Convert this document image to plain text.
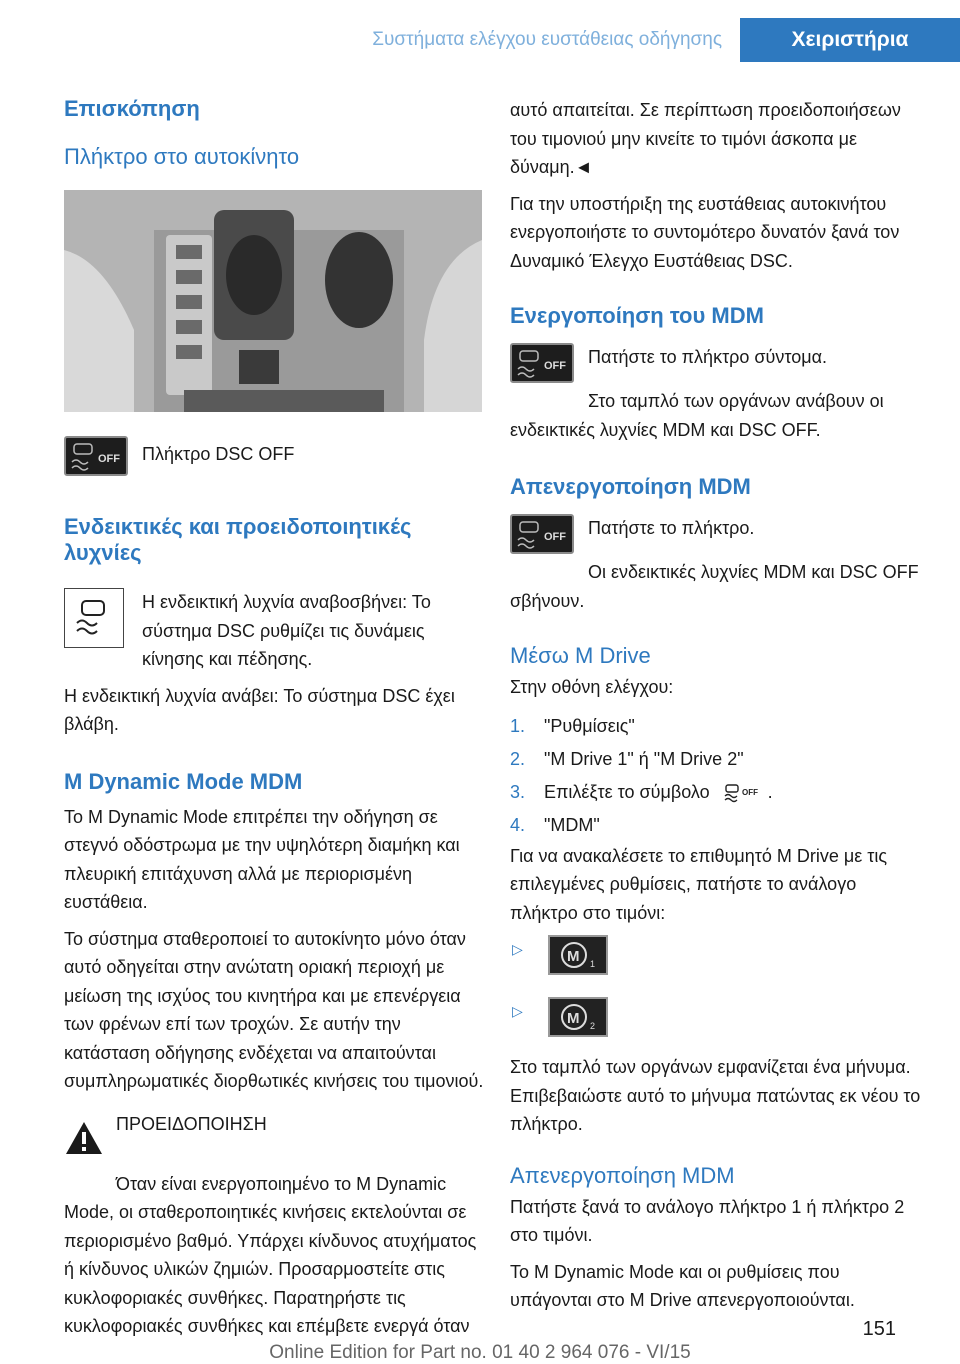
Συστήματα ελέγχου ευστάθειας οδήγησης	Χειριστήρια
Επισκόπηση
Πλήκτρο στο αυτοκίνητο
OFF	Πλήκτρο DSC OFF

Ενδεικτικές και προειδοποιητικές λυχνίες

Η ενδεικτική λυχνία αναβοσβήνει: Το σύστημα DSC ρυθμίζει τις δυνάμεις κίνησης και πέδησης.

Η ενδεικτική λυχνία ανάβει: Το σύστημα DSC έχει βλάβη.

M Dynamic Mode MDM

Το M Dynamic Mode επιτρέπει την οδήγηση σε στεγνό οδόστρωμα με την υψηλότερη διαμήκη και πλευρική επιτάχυνση αλλά με περιορισμένη ευστάθεια.

Το σύστημα σταθεροποιεί το αυτοκίνητο μόνο όταν αυτό οδηγείται στην ανώτατη οριακή περιοχή με μείωση της ισχύος του κινητήρα και με επενέργεια των φρένων επί των τροχών. Σε αυτήν την κατάσταση οδήγησης ενδέχεται να απαιτούνται συμπληρωματικές διορθωτικές κινήσεις του τιμονιού.

ΠΡΟΕΙΔΟΠΟΙΗΣΗ

Όταν είναι ενεργοποιημένο το M Dynamic Mode, οι σταθεροποιητικές κινήσεις εκτελούνται σε περιορισμένο βαθμό. Υπάρχει κίνδυνος ατυχήματος ή κίνδυνος υλικών ζημιών. Προσαρμοστείτε στις κυκλοφοριακές συνθήκες. Παρατηρήστε τις κυκλοφοριακές συνθήκες και επέμβετε ενεργά όταν

αυτό απαιτείται. Σε περίπτωση προειδοποιήσεων του τιμονιού μην κινείτε το τιμόνι άσκοπα με δύναμη.◄

Για την υποστήριξη της ευστάθειας αυτοκινήτου ενεργοποιήστε το συντομότερο δυνατόν ξανά τον Δυναμικό Έλεγχο Ευστάθειας DSC.

Ενεργοποίηση του MDM
OFF	Πατήστε το πλήκτρο σύντομα.

Στο ταμπλό των οργάνων ανάβουν οι ενδεικτικές λυχνίες MDM και DSC OFF.

Απενεργοποίηση MDM
OFF	Πατήστε το πλήκτρο.

Οι ενδεικτικές λυχνίες MDM και DSC OFF σβήνουν.

Μέσω M Drive

Στην οθόνη ελέγχου:

1. "Ρυθμίσεις"
2. "M Drive 1" ή "M Drive 2"
3. Επιλέξτε το σύμβολο	OFF .
4. "MDM"

Για να ανακαλέσετε το επιθυμητό M Drive με τις επιλεγμένες ρυθμίσεις, πατήστε το ανάλογο πλήκτρο στο τιμόνι:

▷	M 1
▷	M 2

Στο ταμπλό των οργάνων εμφανίζεται ένα μήνυμα. Επιβεβαιώστε αυτό το μήνυμα πατώντας εκ νέου το πλήκτρο.

Απενεργοποίηση MDM

Πατήστε ξανά το ανάλογο πλήκτρο 1 ή πλήκτρο 2 στο τιμόνι.

Το M Dynamic Mode και οι ρυθμίσεις που υπάγονται στο M Drive απενεργοποιούνται.

151
Online Edition for Part no. 01 40 2 964 076 - VI/15
